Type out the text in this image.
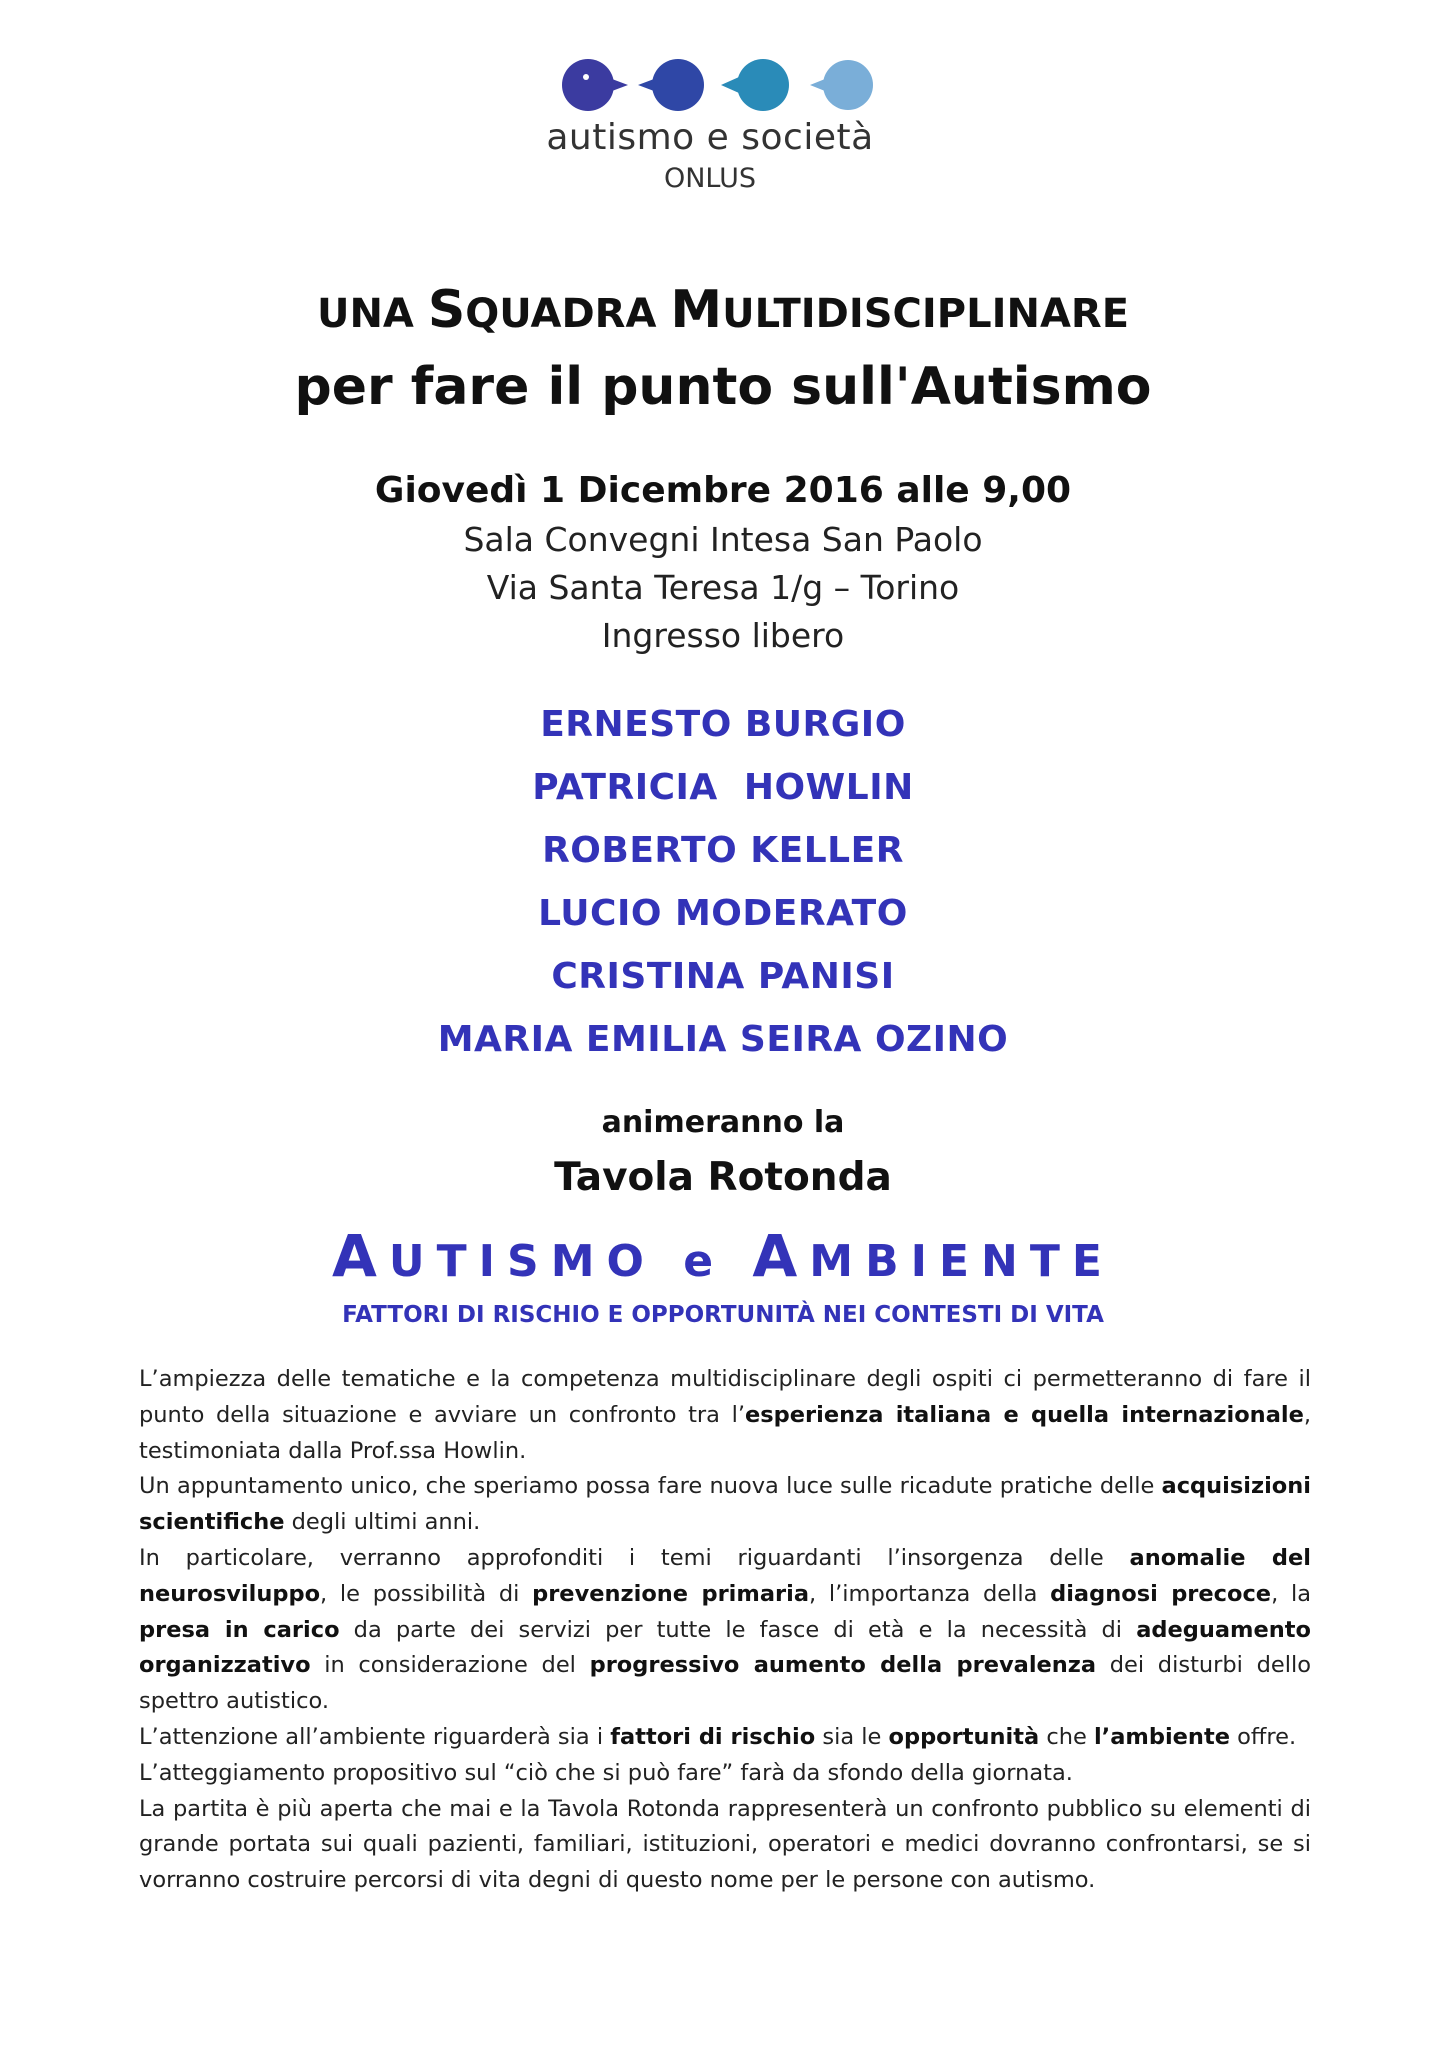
autismo e società
ONLUS
UNA SQUADRA MULTIDISCIPLINARE
per fare il punto sull'Autismo
Giovedì 1 Dicembre 2016 alle 9,00
Sala Convegni Intesa San Paolo
Via Santa Teresa 1/g – Torino
Ingresso libero
ERNESTO BURGIO
PATRICIA  HOWLIN
ROBERTO KELLER
LUCIO MODERATO
CRISTINA PANISI
MARIA EMILIA SEIRA OZINO
animeranno la
Tavola Rotonda
AUTISMO e AMBIENTE
FATTORI DI RISCHIO E OPPORTUNITÀ NEI CONTESTI DI VITA

L’ampiezza delle tematiche e la competenza multidisciplinare degli ospiti ci permetteranno di fare il punto della situazione e avviare un confronto tra l’esperienza italiana e quella internazionale, testimoniata dalla Prof.ssa Howlin.

Un appuntamento unico, che speriamo possa fare nuova luce sulle ricadute pratiche delle acquisizioni scientifiche degli ultimi anni.

In particolare, verranno approfonditi i temi riguardanti l’insorgenza delle anomalie del neurosviluppo, le possibilità di prevenzione primaria, l’importanza della diagnosi precoce, la presa in carico da parte dei servizi per tutte le fasce di età e la necessità di adeguamento organizzativo in considerazione del progressivo aumento della prevalenza dei disturbi dello spettro autistico.

L’attenzione all’ambiente riguarderà sia i fattori di rischio sia le opportunità che l’ambiente offre.

L’atteggiamento propositivo sul “ciò che si può fare” farà da sfondo della giornata.

La partita è più aperta che mai e la Tavola Rotonda rappresenterà un confronto pubblico su elementi di grande portata sui quali pazienti, familiari, istituzioni, operatori e medici dovranno confrontarsi, se si vorranno costruire percorsi di vita degni di questo nome per le persone con autismo.
